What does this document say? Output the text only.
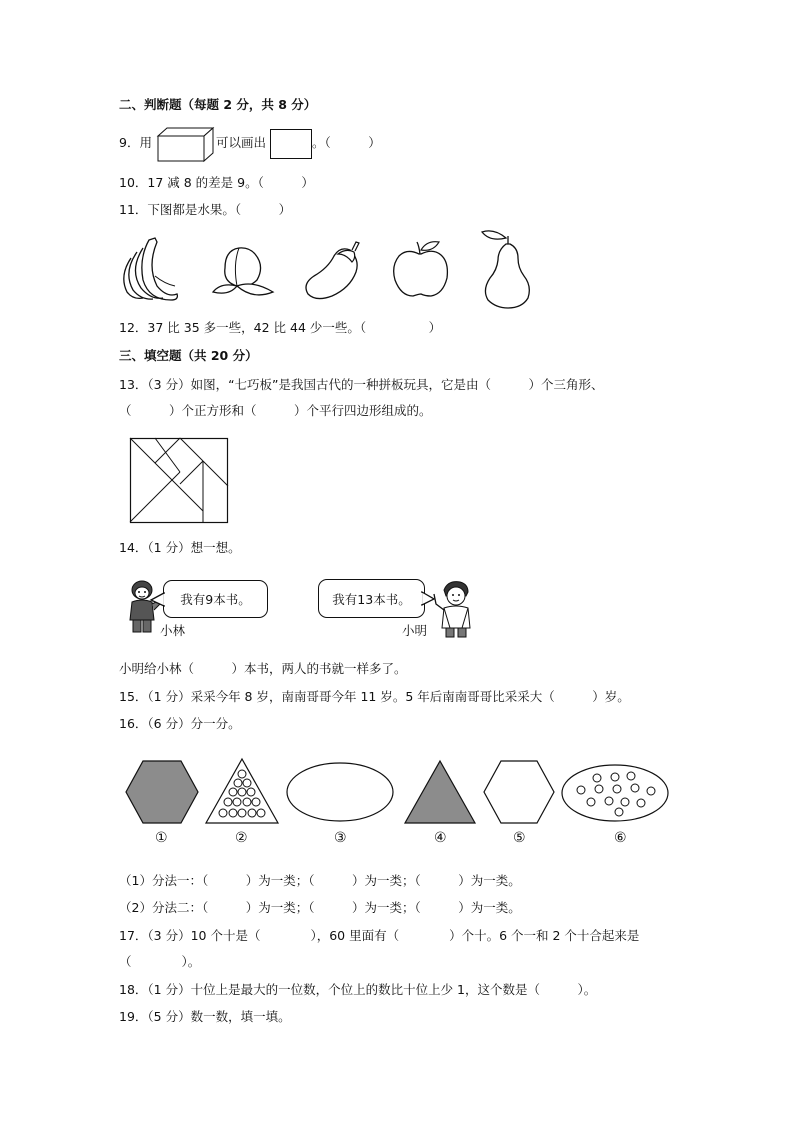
二、判断题（每题 2 分，共 8 分）
9．用	可以画出	。（　　　）
10．17 减 8 的差是 9。（　　　）
11．下图都是水果。（　　　）
12．37 比 35 多一些，42 比 44 少一些。（　　　　　）
三、填空题（共 20 分）
13．（3 分）如图，“七巧板”是我国古代的一种拼板玩具，它是由（　　　）个三角形、
（　　　）个正方形和（　　　）个平行四边形组成的。
14．（1 分）想一想。
我有9本书。
小林
我有13本书。
小明
小明给小林（　　　）本书，两人的书就一样多了。
15．（1 分）采采今年 8 岁，南南哥哥今年 11 岁。5 年后南南哥哥比采采大（　　　）岁。
16．（6 分）分一分。
①	②	③	④	⑤	⑥
（1）分法一：（　　　）为一类；（　　　）为一类；（　　　）为一类。
（2）分法二：（　　　）为一类；（　　　）为一类；（　　　）为一类。
17．（3 分）10 个十是（　　　　），60 里面有（　　　　）个十。6 个一和 2 个十合起来是
（　　　　）。
18．（1 分）十位上是最大的一位数，个位上的数比十位上少 1，这个数是（　　　）。
19．（5 分）数一数，填一填。
